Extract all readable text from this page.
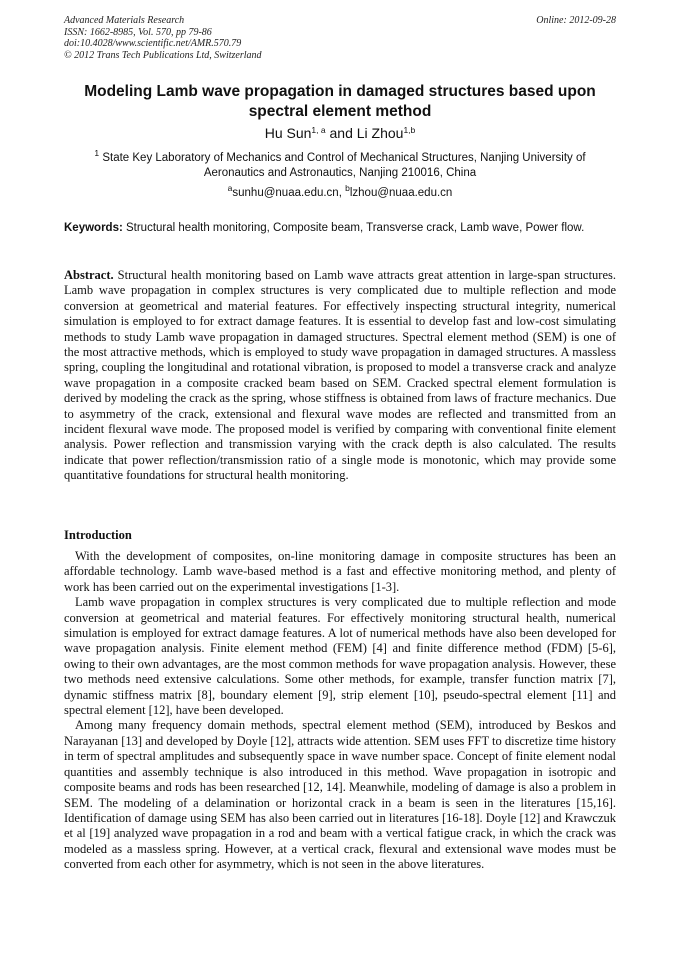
Advanced Materials Research
ISSN: 1662-8985, Vol. 570, pp 79-86
doi:10.4028/www.scientific.net/AMR.570.79
© 2012 Trans Tech Publications Ltd, Switzerland
Online: 2012-09-28
Modeling Lamb wave propagation in damaged structures based upon spectral element method
Hu Sun$^{1, a}$ and Li Zhou$^{1,b}$
$^1$ State Key Laboratory of Mechanics and Control of Mechanical Structures, Nanjing University of Aeronautics and Astronautics, Nanjing 210016, China
$^a$sunhu@nuaa.edu.cn, $^b$lzhou@nuaa.edu.cn
Keywords: Structural health monitoring, Composite beam, Transverse crack, Lamb wave, Power flow.
Abstract. Structural health monitoring based on Lamb wave attracts great attention in large-span structures. Lamb wave propagation in complex structures is very complicated due to multiple reflection and mode conversion at geometrical and material features. For effectively inspecting structural integrity, numerical simulation is employed to for extract damage features. It is essential to develop fast and low-cost simulating methods to study Lamb wave propagation in damaged structures. Spectral element method (SEM) is one of the most attractive methods, which is employed to study wave propagation in damaged structures. A massless spring, coupling the longitudinal and rotational vibration, is proposed to model a transverse crack and analyze wave propagation in a composite cracked beam based on SEM. Cracked spectral element formulation is derived by modeling the crack as the spring, whose stiffness is obtained from laws of fracture mechanics. Due to asymmetry of the crack, extensional and flexural wave modes are reflected and transmitted from an incident flexural wave mode. The proposed model is verified by comparing with conventional finite element analysis. Power reflection and transmission varying with the crack depth is also calculated. The results indicate that power reflection/transmission ratio of a single mode is monotonic, which may provide some quantitative foundations for structural health monitoring.
Introduction

With the development of composites, on-line monitoring damage in composite structures has been an affordable technology. Lamb wave-based method is a fast and effective monitoring method, and plenty of work has been carried out on the experimental investigations [1-3].

Lamb wave propagation in complex structures is very complicated due to multiple reflection and mode conversion at geometrical and material features. For effectively monitoring structural health, numerical simulation is employed for extract damage features. A lot of numerical methods have also been developed for wave propagation analysis. Finite element method (FEM) [4] and finite difference method (FDM) [5-6], owing to their own advantages, are the most common methods for wave propagation analysis. However, these two methods need extensive calculations. Some other methods, for example, transfer function matrix [7], dynamic stiffness matrix [8], boundary element [9], strip element [10], pseudo-spectral element [11] and spectral element [12], have been developed.

Among many frequency domain methods, spectral element method (SEM), introduced by Beskos and Narayanan [13] and developed by Doyle [12], attracts wide attention. SEM uses FFT to discretize time history in term of spectral amplitudes and subsequently space in wave number space. Concept of finite element nodal quantities and assembly technique is also introduced in this method. Wave propagation in isotropic and composite beams and rods has been researched [12, 14]. Meanwhile, modeling of damage is also a problem in SEM. The modeling of a delamination or horizontal crack in a beam is seen in the literatures [15,16]. Identification of damage using SEM has also been carried out in literatures [16-18]. Doyle [12] and Krawczuk et al [19] analyzed wave propagation in a rod and beam with a vertical fatigue crack, in which the crack was modeled as a massless spring. However, at a vertical crack, flexural and extensional wave modes must be converted from each other for asymmetry, which is not seen in the above literatures.
